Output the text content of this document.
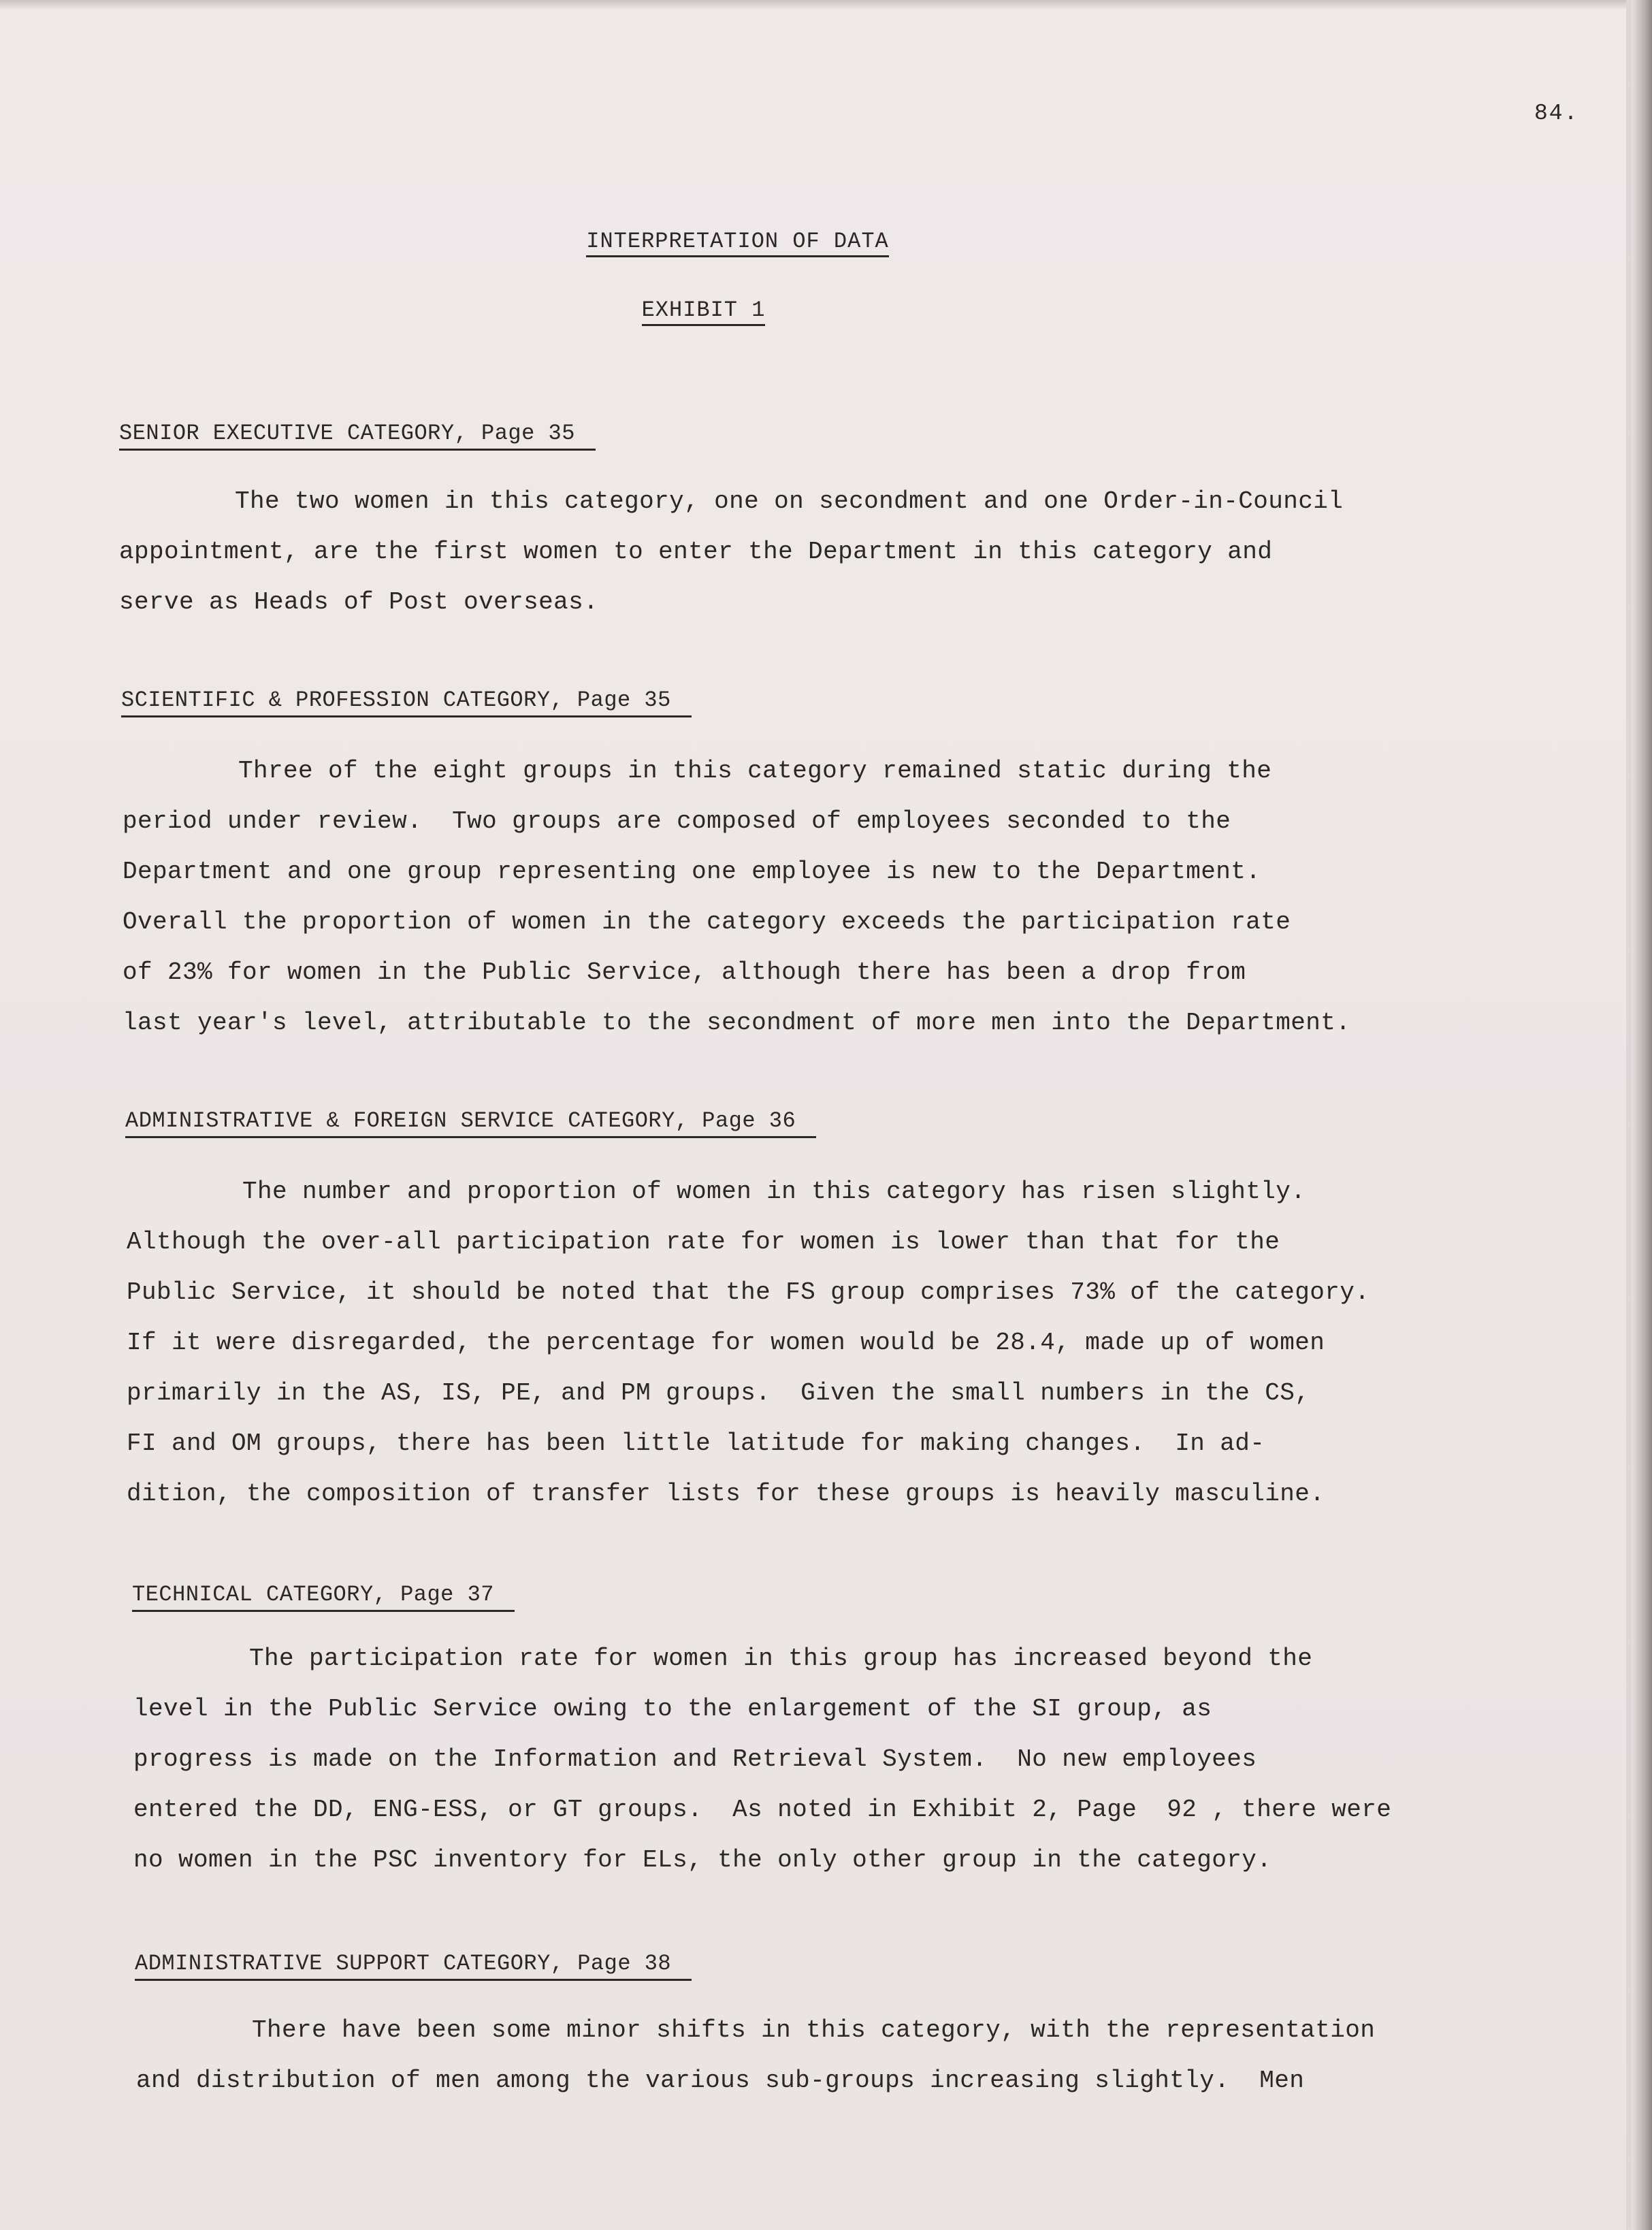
84.
INTERPRETATION OF DATA
EXHIBIT 1
SENIOR EXECUTIVE CATEGORY, Page 35
The two women in this category, one on secondment and one Order-in-Council
appointment, are the first women to enter the Department in this category and
serve as Heads of Post overseas.
SCIENTIFIC & PROFESSION CATEGORY, Page 35
Three of the eight groups in this category remained static during the
period under review.  Two groups are composed of employees seconded to the
Department and one group representing one employee is new to the Department.
Overall the proportion of women in the category exceeds the participation rate
of 23% for women in the Public Service, although there has been a drop from
last year's level, attributable to the secondment of more men into the Department.
ADMINISTRATIVE & FOREIGN SERVICE CATEGORY, Page 36
The number and proportion of women in this category has risen slightly.
Although the over-all participation rate for women is lower than that for the
Public Service, it should be noted that the FS group comprises 73% of the category.
If it were disregarded, the percentage for women would be 28.4, made up of women
primarily in the AS, IS, PE, and PM groups.  Given the small numbers in the CS,
FI and OM groups, there has been little latitude for making changes.  In ad-
dition, the composition of transfer lists for these groups is heavily masculine.
TECHNICAL CATEGORY, Page 37
The participation rate for women in this group has increased beyond the
level in the Public Service owing to the enlargement of the SI group, as
progress is made on the Information and Retrieval System.  No new employees
entered the DD, ENG-ESS, or GT groups.  As noted in Exhibit 2, Page  92 , there were
no women in the PSC inventory for ELs, the only other group in the category.
ADMINISTRATIVE SUPPORT CATEGORY, Page 38
There have been some minor shifts in this category, with the representation
and distribution of men among the various sub-groups increasing slightly.  Men
